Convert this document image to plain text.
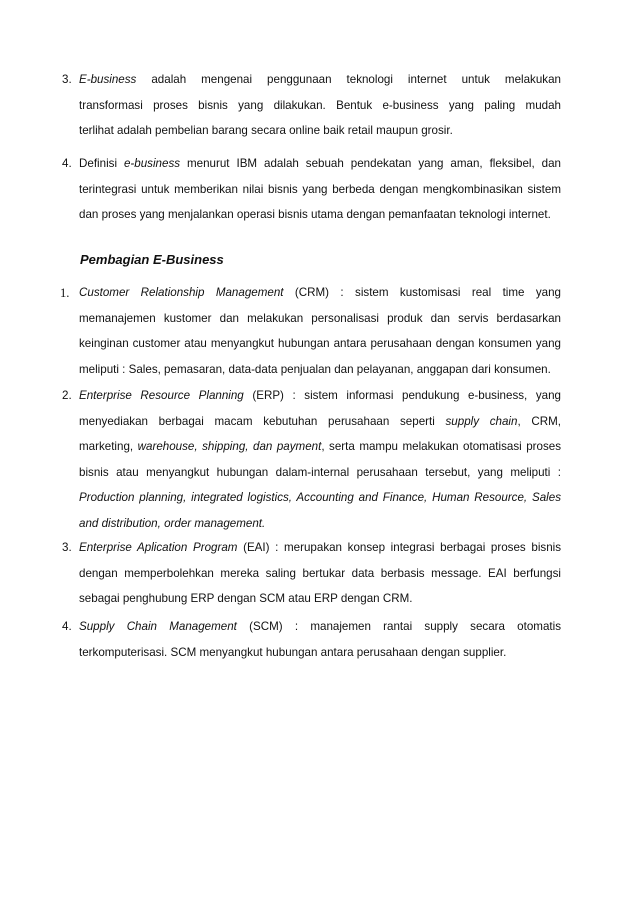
3. E-business adalah mengenai penggunaan teknologi internet untuk melakukan
transformasi proses bisnis yang dilakukan. Bentuk e-business yang paling mudah
terlihat adalah pembelian barang secara online baik retail maupun grosir.
4. Definisi e-business menurut IBM adalah sebuah pendekatan yang aman, fleksibel, dan
terintegrasi untuk memberikan nilai bisnis yang berbeda dengan mengkombinasikan sistem
dan proses yang menjalankan operasi bisnis utama dengan pemanfaatan teknologi internet.
1. Customer Relationship Management (CRM) : sistem kustomisasi real time yang
memanajemen kustomer dan melakukan personalisasi produk dan servis berdasarkan
keinginan customer atau menyangkut hubungan antara perusahaan dengan konsumen yang
meliputi : Sales, pemasaran, data-data penjualan dan pelayanan, anggapan dari konsumen.
2. Enterprise Resource Planning (ERP) : sistem informasi pendukung e-business, yang
menyediakan berbagai macam kebutuhan perusahaan seperti supply chain, CRM,
marketing, warehouse, shipping, dan payment, serta mampu melakukan otomatisasi proses
bisnis atau menyangkut hubungan dalam-internal perusahaan tersebut, yang meliputi :
Production planning, integrated logistics, Accounting and Finance, Human Resource, Sales
and distribution, order management.
3. Enterprise Aplication Program (EAI) : merupakan konsep integrasi berbagai proses bisnis
dengan memperbolehkan mereka saling bertukar data berbasis message. EAI berfungsi
sebagai penghubung ERP dengan SCM atau ERP dengan CRM.
4. Supply Chain Management (SCM) : manajemen rantai supply secara otomatis
terkomputerisasi. SCM menyangkut hubungan antara perusahaan dengan supplier.
Pembagian E-Business
